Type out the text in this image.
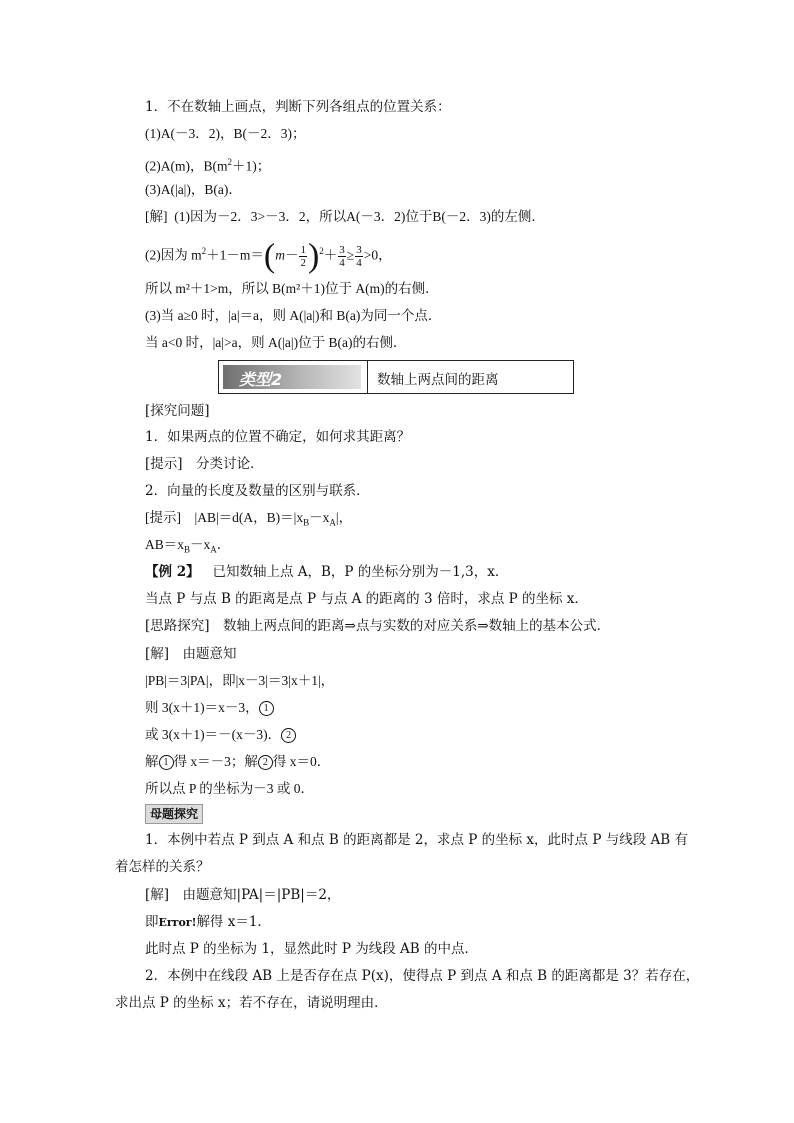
1．不在数轴上画点，判断下列各组点的位置关系：
(1)A(－3．2)，B(－2．3)；
(2)A(m)，$B(m^2+1)$；
(3)A(|a|)，B(a)．
[解] (1)因为－2．3>－3．2，所以A(－3．2)位于B(－2．3)的左侧．
(2)因为 $m^2+1-m=(m- \frac{1}{2} )^2+ \frac{3}{4} \ge \frac{3}{4} >0$，
所以 m²＋1>m，所以 B(m²＋1)位于 A(m)的右侧．
(3)当 a≥0 时，|a|＝a，则 A(|a|)和 B(a)为同一个点．
当 a<0 时，|a|>a，则 A(|a|)位于 B(a)的右侧．
类型2	数轴上两点间的距离
[探究问题]
1．如果两点的位置不确定，如何求其距离？
[提示]　分类讨论．
2．向量的长度及数量的区别与联系．
[提示]　|AB|＝d(A，$B)=|x_B-x_A|$，
$AB=x_B-x_A$．
【例 2】 已知数轴上点 A，B，P 的坐标分别为－1,3，x．
当点 P 与点 B 的距离是点 P 与点 A 的距离的 3 倍时，求点 P 的坐标 x．
[思路探究]　数轴上两点间的距离⇒点与实数的对应关系⇒数轴上的基本公式．
[解]　由题意知
|PB|＝3|PA|，即|x－3|＝3|x＋1|，
则 3(x＋1)＝x－3， 1
或 3(x＋1)＝－(x－3)． 2
解 1 得 x＝－3；解 2 得 x＝0．
所以点 P 的坐标为－3 或 0．
母题探究
1．本例中若点 P 到点 A 和点 B 的距离都是 2，求点 P 的坐标 x，此时点 P 与线段 AB 有
着怎样的关系？
[解]　由题意知|PA|＝|PB|＝2，
即Error!解得 x＝1．
此时点 P 的坐标为 1，显然此时 P 为线段 AB 的中点．
2．本例中在线段 AB 上是否存在点 P(x)，使得点 P 到点 A 和点 B 的距离都是 3？若存在，
求出点 P 的坐标 x；若不存在，请说明理由．
